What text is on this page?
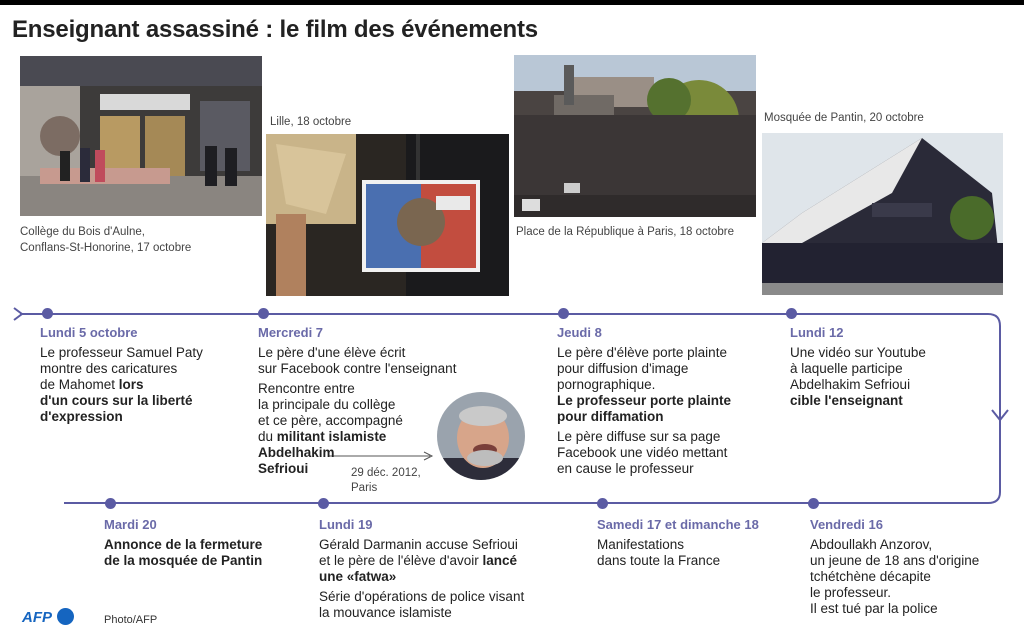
Enseignant assassiné : le film des événements
Collège du Bois d'Aulne,
Conflans-St-Honorine, 17 octobre
Lille, 18 octobre
Place de la République à Paris, 18 octobre
Mosquée de Pantin, 20 octobre
Lundi 5 octobre
Le professeur Samuel Paty
montre des caricatures
de Mahomet lors
d'un cours sur la liberté
d'expression
Mercredi 7
Le père d'une élève écrit
sur Facebook contre l'enseignant
Rencontre entre
la principale du collège
et ce père, accompagné
du militant islamiste
Abdelhakim
Sefrioui
Jeudi 8
Le père d'élève porte plainte
pour diffusion d'image
pornographique.
Le professeur porte plainte
pour diffamation
Le père diffuse sur sa page
Facebook une vidéo mettant
en cause le professeur
Lundi 12
Une vidéo sur Youtube
à laquelle participe
Abdelhakim Sefrioui
cible l'enseignant
29 déc. 2012,
Paris
Mardi 20
Annonce de la fermeture
de la mosquée de Pantin
Lundi 19
Gérald Darmanin accuse Sefrioui
et le père de l'élève d'avoir lancé
une «fatwa»
Série d'opérations de police visant
la mouvance islamiste
Samedi 17 et dimanche 18
Manifestations
dans toute la France
Vendredi 16
Abdoullakh Anzorov,
un jeune de 18 ans d'origine
tchétchène décapite
le professeur.
Il est tué par la police
AFP	Photo/AFP
